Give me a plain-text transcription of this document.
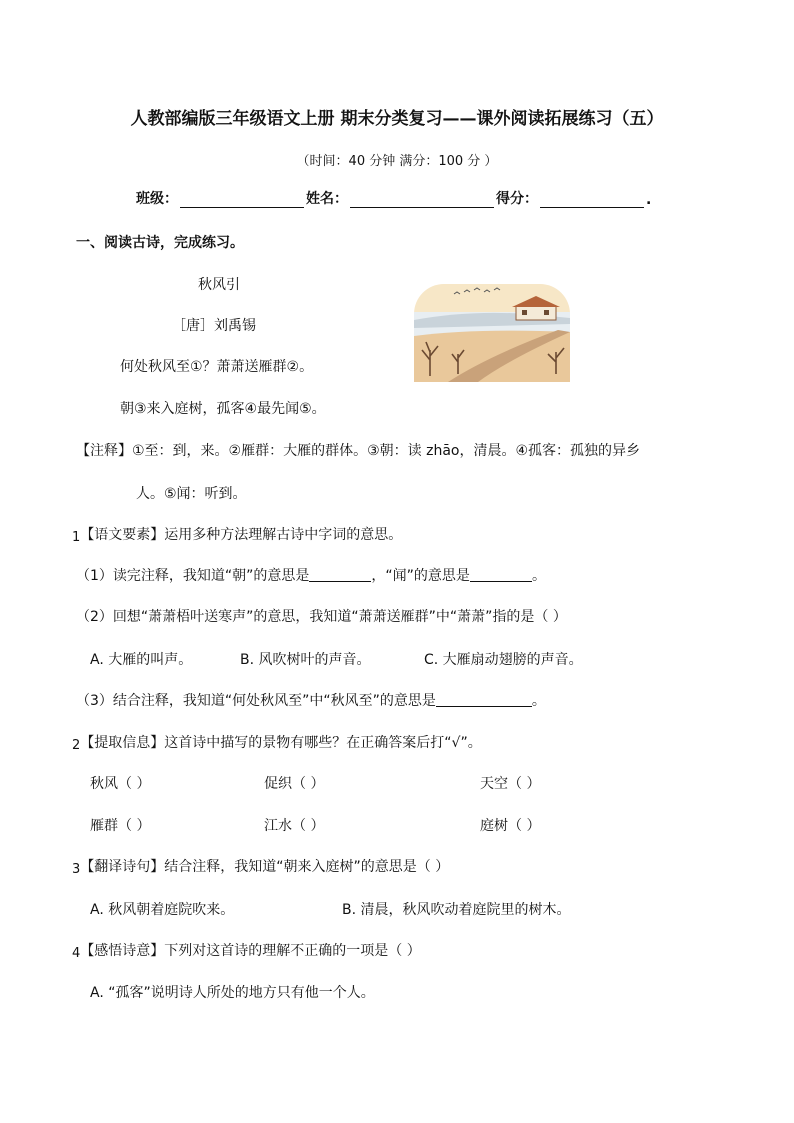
人教部编版三年级语文上册 期末分类复习——课外阅读拓展练习（五）
（时间：40 分钟 满分：100 分 ）
班级：	姓名：	得分：	.
一、阅读古诗，完成练习。
秋风引
［唐］刘禹锡
何处秋风至①？萧萧送雁群②。
朝③来入庭树，孤客④最先闻⑤。
【注释】①至：到，来。②雁群：大雁的群体。③朝：读 zhāo，清晨。④孤客：孤独的异乡
人。⑤闻：听到。
1【语文要素】运用多种方法理解古诗中字词的意思。
（1）读完注释，我知道“朝”的意思是	，“闻”的意思是	。
（2）回想“萧萧梧叶送寒声”的意思，我知道“萧萧送雁群”中“萧萧”指的是（ ）
A. 大雁的叫声。	B. 风吹树叶的声音。	C. 大雁扇动翅膀的声音。
（3）结合注释，我知道“何处秋风至”中“秋风至”的意思是	。
2【提取信息】这首诗中描写的景物有哪些？在正确答案后打“√”。
秋风（ ）	促织（ ）	天空（ ）
雁群（ ）	江水（ ）	庭树（ ）
3【翻译诗句】结合注释，我知道“朝来入庭树”的意思是（ ）
A. 秋风朝着庭院吹来。	B. 清晨，秋风吹动着庭院里的树木。
4【感悟诗意】下列对这首诗的理解不正确的一项是（ ）
A. “孤客”说明诗人所处的地方只有他一个人。
